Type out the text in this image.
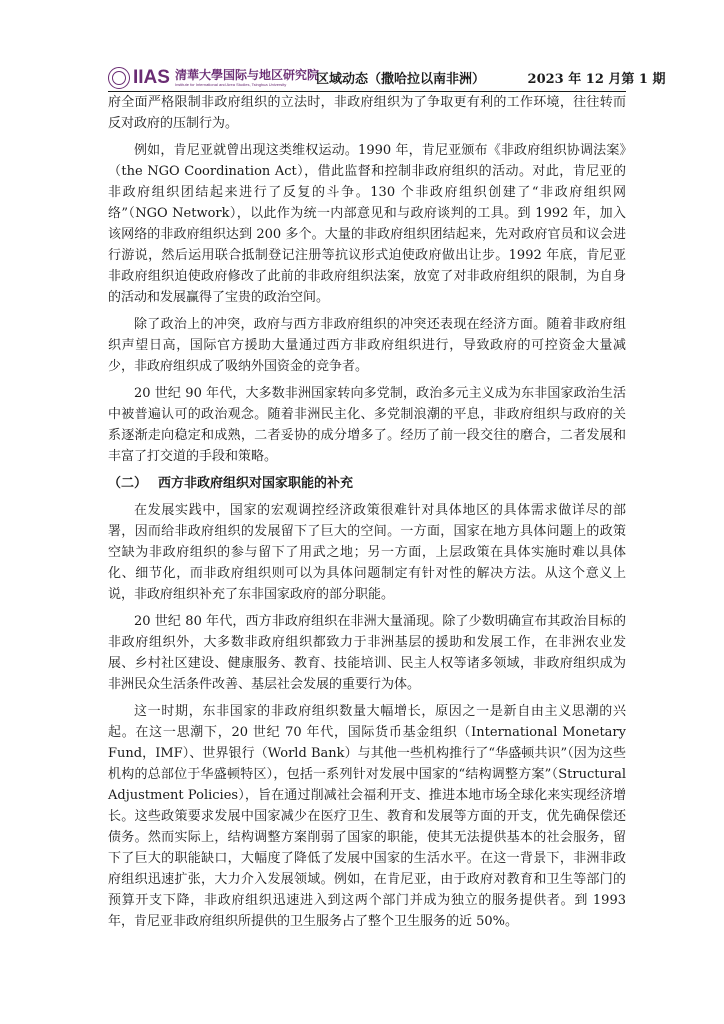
IIAS 清華大學国际与地区研究院
Institute for International and Area Studies, Tsinghua University	区域动态（撒哈拉以南非洲）	2023 年 12 月第 1 期

府全面严格限制非政府组织的立法时，非政府组织为了争取更有利的工作环境，往往转而反对政府的压制行为。

例如，肯尼亚就曾出现这类维权运动。1990 年，肯尼亚颁布《非政府组织协调法案》（the NGO Coordination Act），借此监督和控制非政府组织的活动。对此，肯尼亚的非政府组织团结起来进行了反复的斗争。130 个非政府组织创建了“非政府组织网络”（NGO Network），以此作为统一内部意见和与政府谈判的工具。到 1992 年，加入该网络的非政府组织达到 200 多个。大量的非政府组织团结起来，先对政府官员和议会进行游说，然后运用联合抵制登记注册等抗议形式迫使政府做出让步。1992 年底，肯尼亚非政府组织迫使政府修改了此前的非政府组织法案，放宽了对非政府组织的限制，为自身的活动和发展赢得了宝贵的政治空间。

除了政治上的冲突，政府与西方非政府组织的冲突还表现在经济方面。随着非政府组织声望日高，国际官方援助大量通过西方非政府组织进行，导致政府的可控资金大量减少，非政府组织成了吸纳外国资金的竞争者。

20 世纪 90 年代，大多数非洲国家转向多党制，政治多元主义成为东非国家政治生活中被普遍认可的政治观念。随着非洲民主化、多党制浪潮的平息，非政府组织与政府的关系逐渐走向稳定和成熟，二者妥协的成分增多了。经历了前一段交往的磨合，二者发展和丰富了打交道的手段和策略。

（二） 西方非政府组织对国家职能的补充

在发展实践中，国家的宏观调控经济政策很难针对具体地区的具体需求做详尽的部署，因而给非政府组织的发展留下了巨大的空间。一方面，国家在地方具体问题上的政策空缺为非政府组织的参与留下了用武之地；另一方面，上层政策在具体实施时难以具体化、细节化，而非政府组织则可以为具体问题制定有针对性的解决方法。从这个意义上说，非政府组织补充了东非国家政府的部分职能。

20 世纪 80 年代，西方非政府组织在非洲大量涌现。除了少数明确宣布其政治目标的非政府组织外，大多数非政府组织都致力于非洲基层的援助和发展工作，在非洲农业发展、乡村社区建设、健康服务、教育、技能培训、民主人权等诸多领域，非政府组织成为非洲民众生活条件改善、基层社会发展的重要行为体。

这一时期，东非国家的非政府组织数量大幅增长，原因之一是新自由主义思潮的兴起。在这一思潮下，20 世纪 70 年代，国际货币基金组织（International Monetary Fund，IMF）、世界银行（World Bank）与其他一些机构推行了“华盛顿共识”（因为这些机构的总部位于华盛顿特区），包括一系列针对发展中国家的“结构调整方案”（Structural Adjustment Policies），旨在通过削减社会福利开支、推进本地市场全球化来实现经济增长。这些政策要求发展中国家减少在医疗卫生、教育和发展等方面的开支，优先确保偿还债务。然而实际上，结构调整方案削弱了国家的职能，使其无法提供基本的社会服务，留下了巨大的职能缺口，大幅度了降低了发展中国家的生活水平。在这一背景下，非洲非政府组织迅速扩张，大力介入发展领域。例如，在肯尼亚，由于政府对教育和卫生等部门的预算开支下降，非政府组织迅速进入到这两个部门并成为独立的服务提供者。到 1993 年，肯尼亚非政府组织所提供的卫生服务占了整个卫生服务的近 50%。
